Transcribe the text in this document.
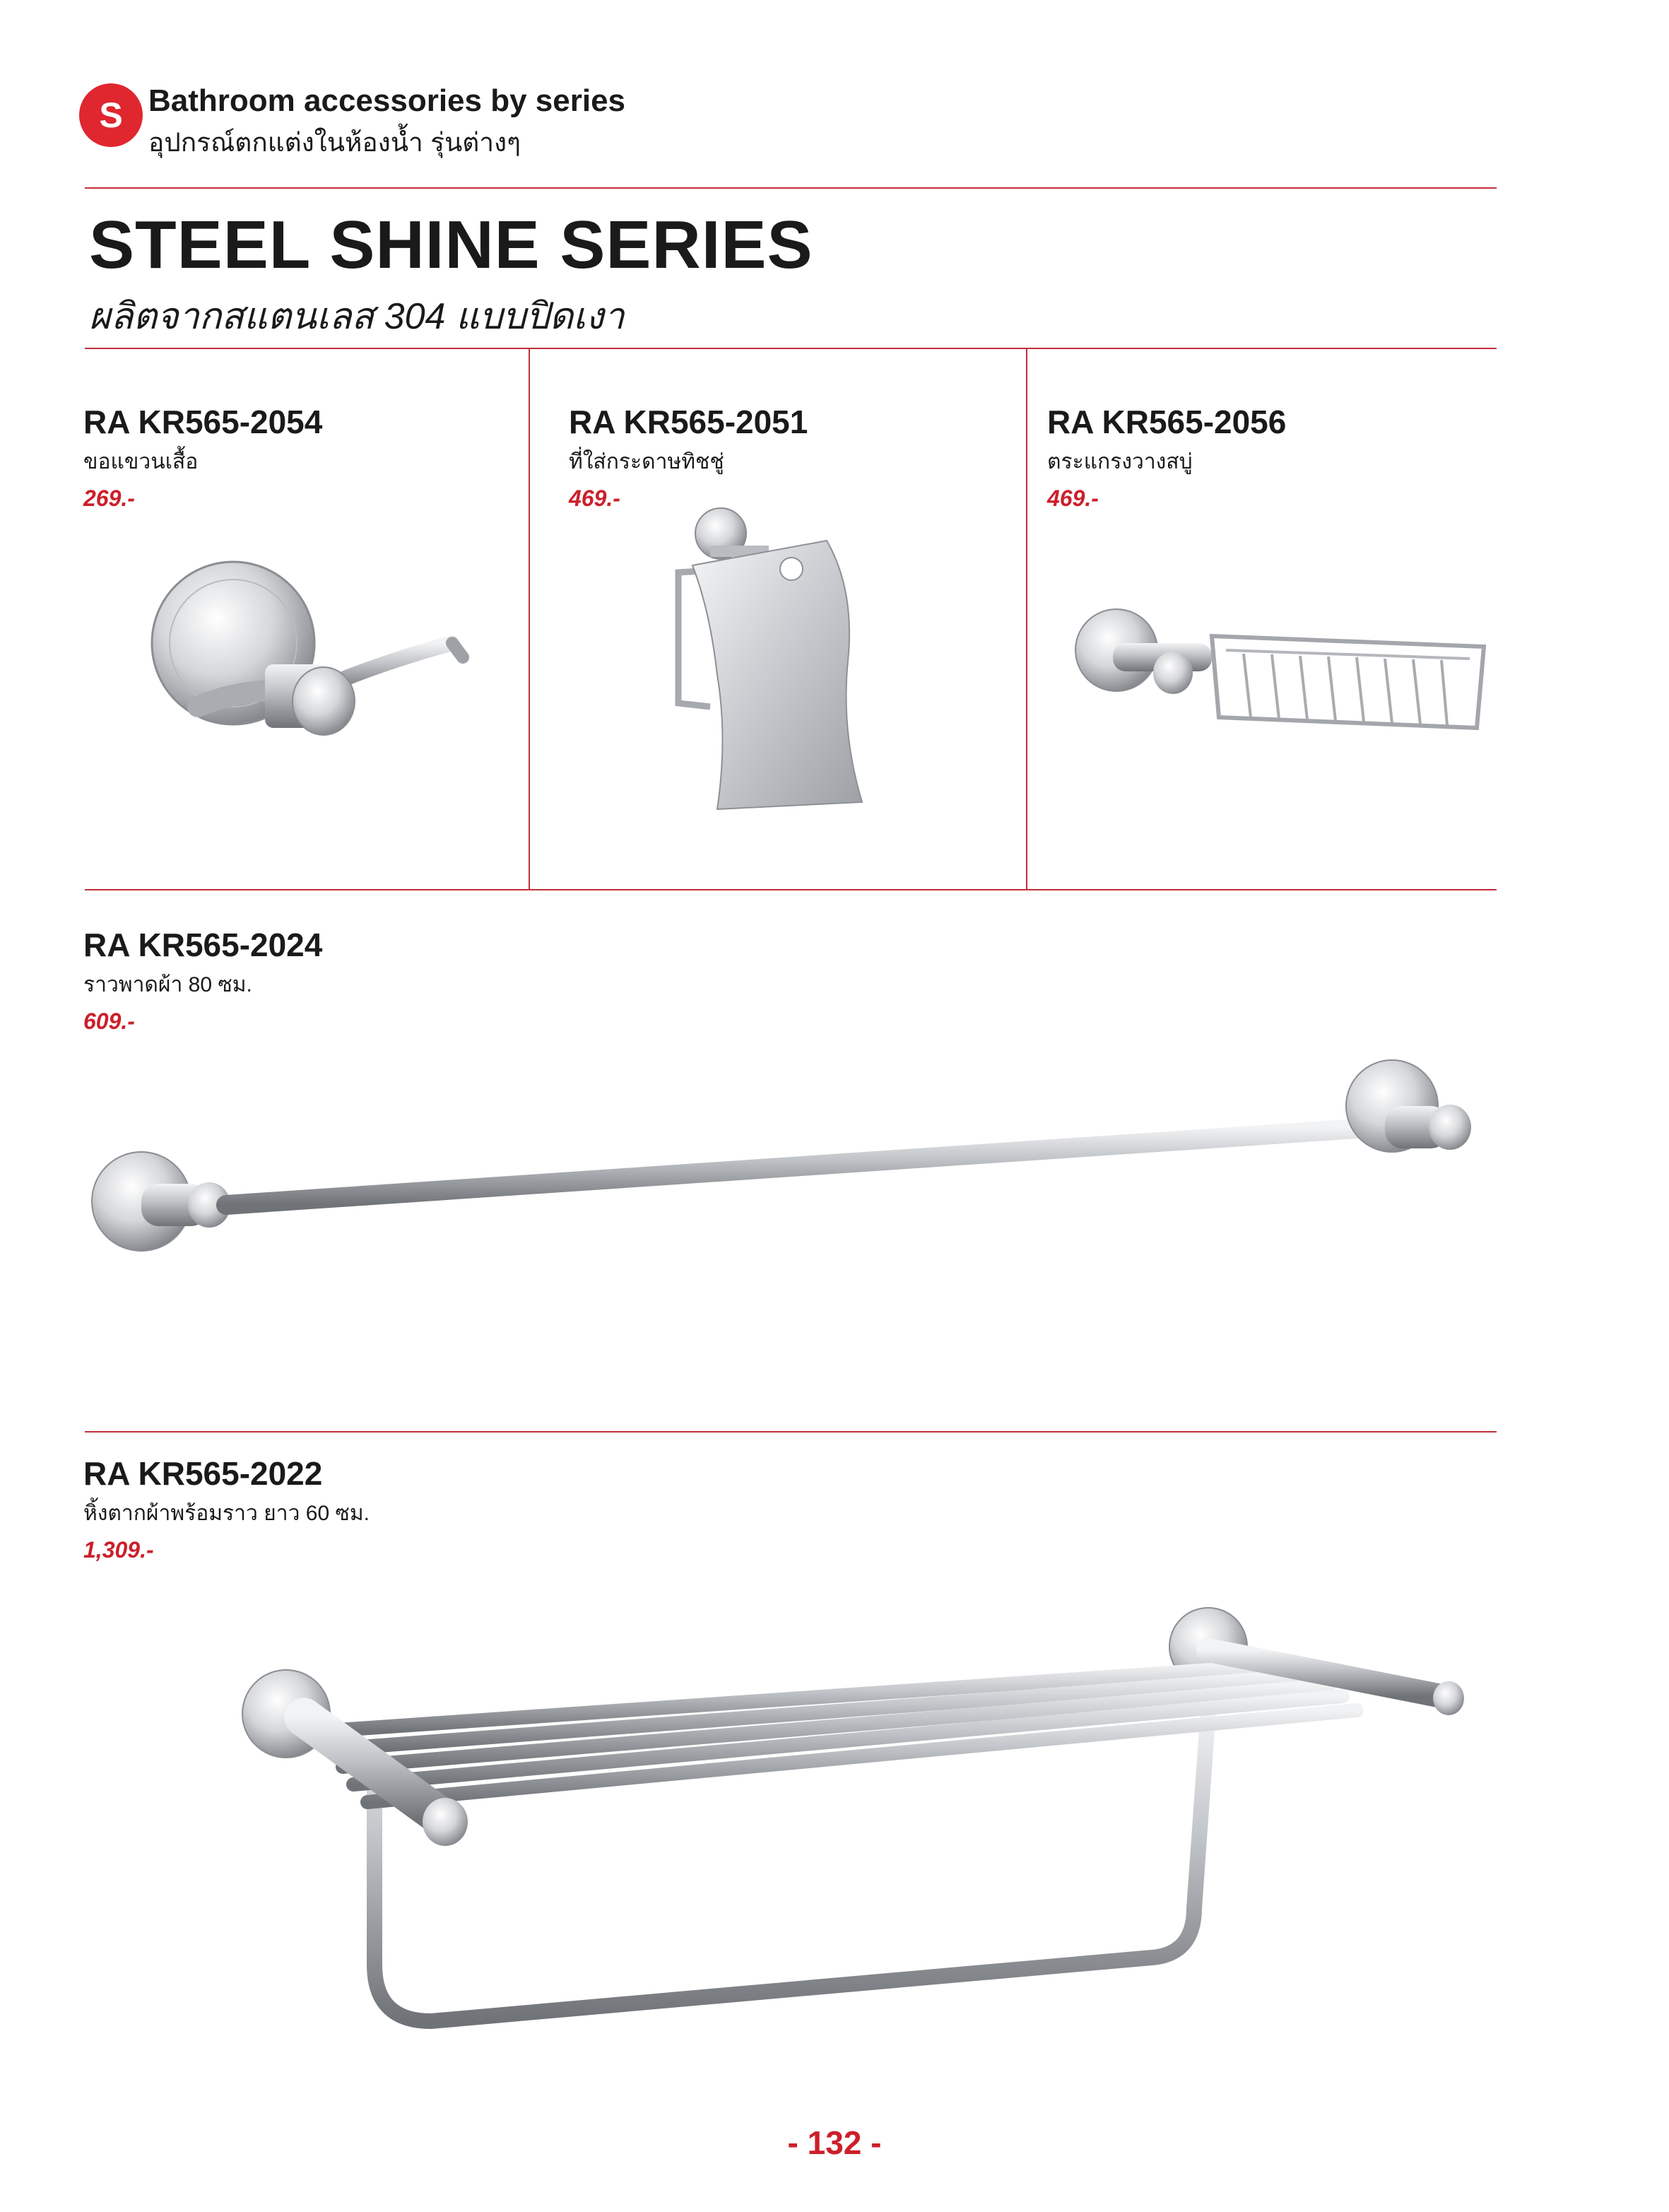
S Bathroom accessories by series
อุปกรณ์ตกแต่งในห้องน้ำ รุ่นต่างๆ
STEEL SHINE SERIES
ผลิตจากสแตนเลส 304 แบบปิดเงา
RA KR565-2054
ขอแขวนเสื้อ
269.-
RA KR565-2051
ที่ใส่กระดาษทิชชู่
469.-
RA KR565-2056
ตระแกรงวางสบู่
469.-
RA KR565-2024
ราวพาดผ้า 80 ซม.
609.-
RA KR565-2022
หิ้งตากผ้าพร้อมราว ยาว 60 ซม.
1,309.-
- 132 -
